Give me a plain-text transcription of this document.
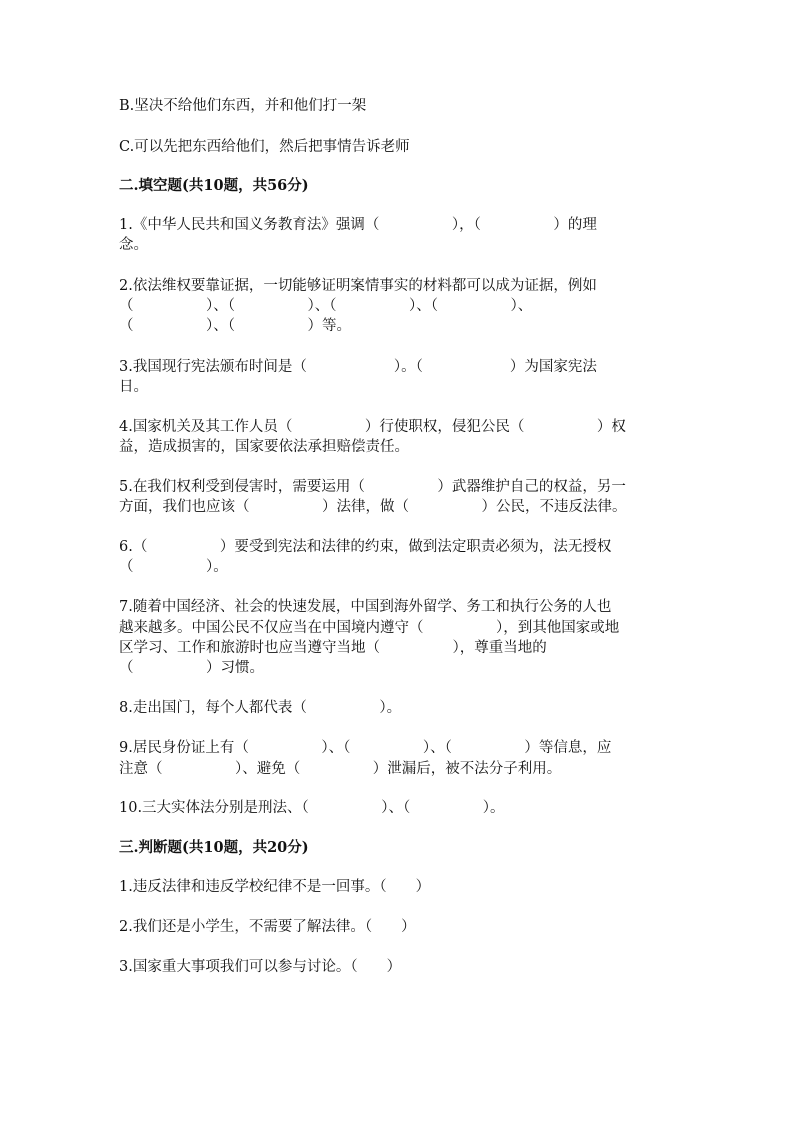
B.坚决不给他们东西，并和他们打一架

C.可以先把东西给他们，然后把事情告诉老师

二.填空题(共10题，共56分)

1.《中华人民共和国义务教育法》强调（　　　　　），（　　　　　）的理

念。

2.依法维权要靠证据，一切能够证明案情事实的材料都可以成为证据，例如

（　　　　　）、（　　　　　）、（　　　　　）、（　　　　　）、

（　　　　　）、（　　　　　）等。

3.我国现行宪法颁布时间是（　　　　　　）。（　　　　　　）为国家宪法

日。

4.国家机关及其工作人员（　　　　　）行使职权，侵犯公民（　　　　　）权

益，造成损害的，国家要依法承担赔偿责任。

5.在我们权利受到侵害时，需要运用（　　　　　）武器维护自己的权益，另一

方面，我们也应该（　　　　　）法律，做（　　　　　）公民，不违反法律。

6.（　　　　　）要受到宪法和法律的约束，做到法定职责必须为，法无授权

（　　　　　）。

7.随着中国经济、社会的快速发展，中国到海外留学、务工和执行公务的人也

越来越多。中国公民不仅应当在中国境内遵守（　　　　　），到其他国家或地

区学习、工作和旅游时也应当遵守当地（　　　　　），尊重当地的

（　　　　　）习惯。

8.走出国门，每个人都代表（　　　　　）。

9.居民身份证上有（　　　　　）、（　　　　　）、（　　　　　）等信息，应

注意（　　　　　）、避免（　　　　　）泄漏后，被不法分子利用。

10.三大实体法分别是刑法、（　　　　　）、（　　　　　）。

三.判断题(共10题，共20分)

1.违反法律和违反学校纪律不是一回事。（　　）

2.我们还是小学生，不需要了解法律。（　　）

3.国家重大事项我们可以参与讨论。（　　）
